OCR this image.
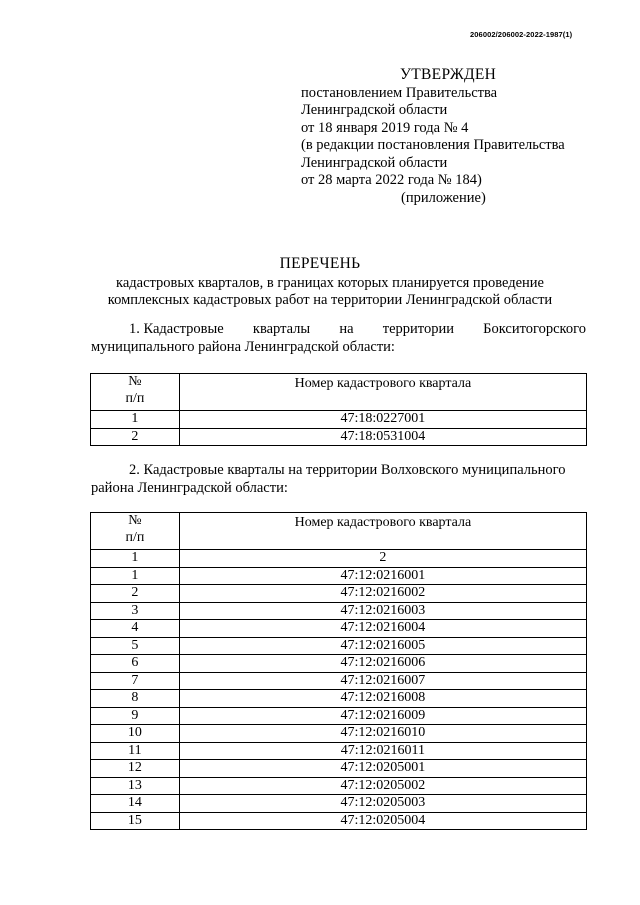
206002/206002-2022-1987(1)
УТВЕРЖДЕН
постановлением Правительства
Ленинградской области
от 18 января 2019 года № 4
(в редакции постановления Правительства
Ленинградской области
от 28 марта 2022 года № 184)
(приложение)
ПЕРЕЧЕНЬ
кадастровых кварталов, в границах которых планируется проведение
комплексных кадастровых работ на территории Ленинградской области
1. Кадастровые кварталы на территории Бокситогорского
муниципального района Ленинградской области:
№
п/п	Номер кадастрового квартала
1	47:18:0227001
2	47:18:0531004
2. Кадастровые кварталы на территории Волховского муниципального
района Ленинградской области:
№
п/п	Номер кадастрового квартала
1	2
1	47:12:0216001
2	47:12:0216002
3	47:12:0216003
4	47:12:0216004
5	47:12:0216005
6	47:12:0216006
7	47:12:0216007
8	47:12:0216008
9	47:12:0216009
10	47:12:0216010
11	47:12:0216011
12	47:12:0205001
13	47:12:0205002
14	47:12:0205003
15	47:12:0205004
